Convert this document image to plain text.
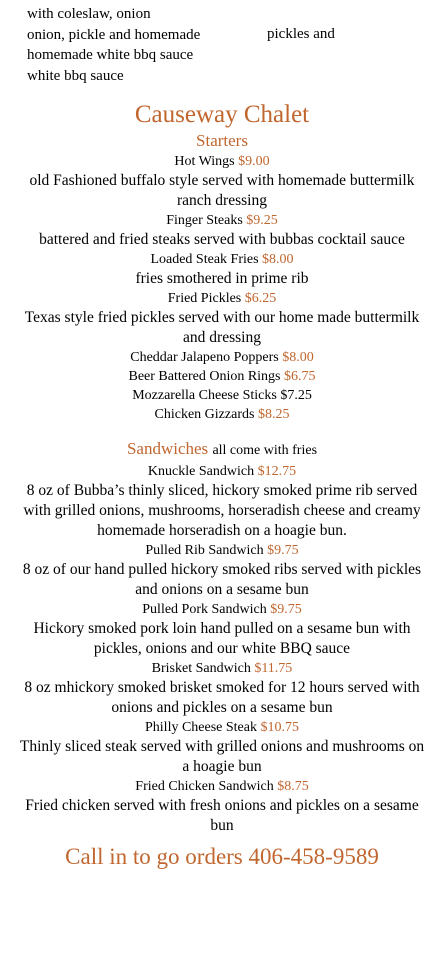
with coleslaw, onion
onion, pickle and homemade
homemade white bbq sauce
white bbq sauce
pickles and
Causeway Chalet
Starters
Hot Wings $9.00
old Fashioned buffalo style served with homemade buttermilk ranch dressing
Finger Steaks $9.25
battered and fried steaks served with bubbas cocktail sauce
Loaded Steak Fries $8.00
fries smothered in prime rib
Fried Pickles $6.25
Texas style fried pickles served with our home made buttermilk and dressing
Cheddar Jalapeno Poppers $8.00
Beer Battered Onion Rings $6.75
Mozzarella Cheese Sticks $7.25
Chicken Gizzards $8.25
Sandwiches all come with fries
Knuckle Sandwich $12.75
8 oz of Bubba’s thinly sliced, hickory smoked prime rib served with grilled onions, mushrooms, horseradish cheese and creamy homemade horseradish on a hoagie bun.
Pulled Rib Sandwich $9.75
8 oz of our hand pulled hickory smoked ribs served with pickles and onions on a sesame bun
Pulled Pork Sandwich $9.75
Hickory smoked pork loin hand pulled on a sesame bun with pickles, onions and our white BBQ sauce
Brisket Sandwich $11.75
8 oz mhickory smoked brisket smoked for 12 hours served with onions and pickles on a sesame bun
Philly Cheese Steak $10.75
Thinly sliced steak served with grilled onions and mushrooms on a hoagie bun
Fried Chicken Sandwich $8.75
Fried chicken served with fresh onions and pickles on a sesame bun
Call in to go orders 406-458-9589
